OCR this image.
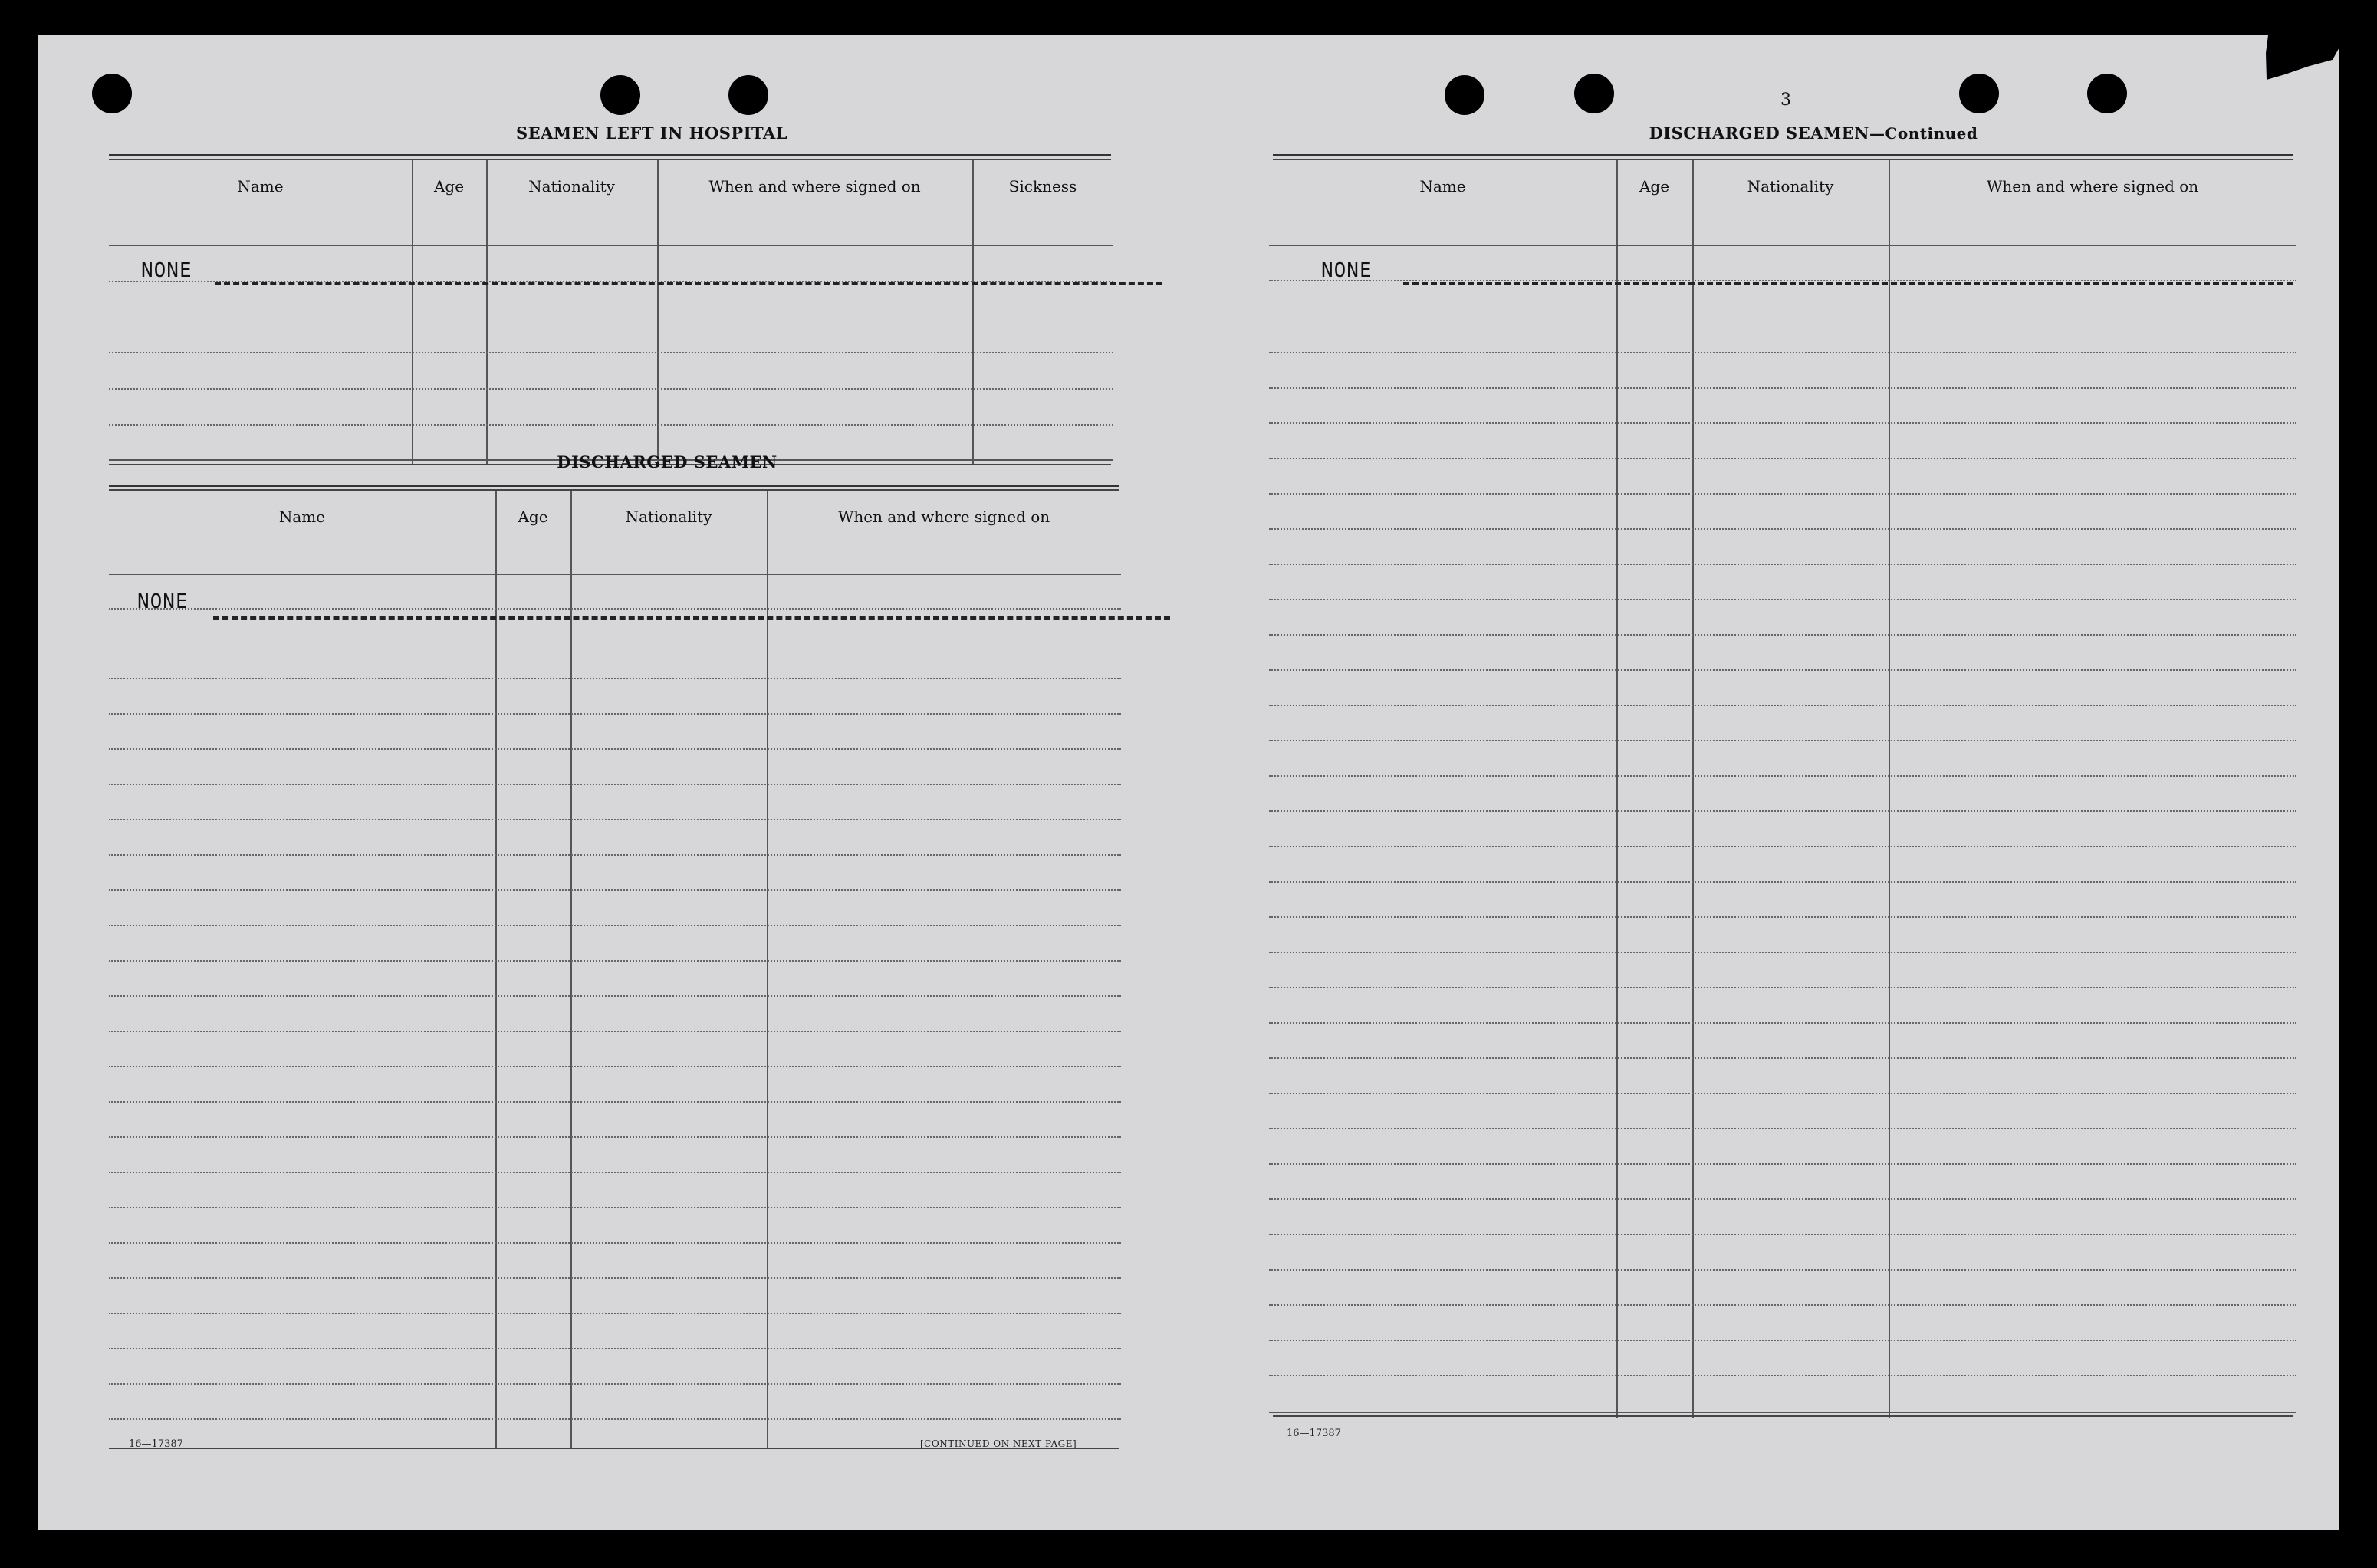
3
SEAMEN LEFT IN HOSPITAL
Name	Age	Nationality	When and where signed on	Sickness
NONE
DISCHARGED SEAMEN
Name	Age	Nationality	When and where signed on
NONE
16—17387	[CONTINUED ON NEXT PAGE]
DISCHARGED SEAMEN—Continued
Name	Age	Nationality	When and where signed on
NONE
16—17387
